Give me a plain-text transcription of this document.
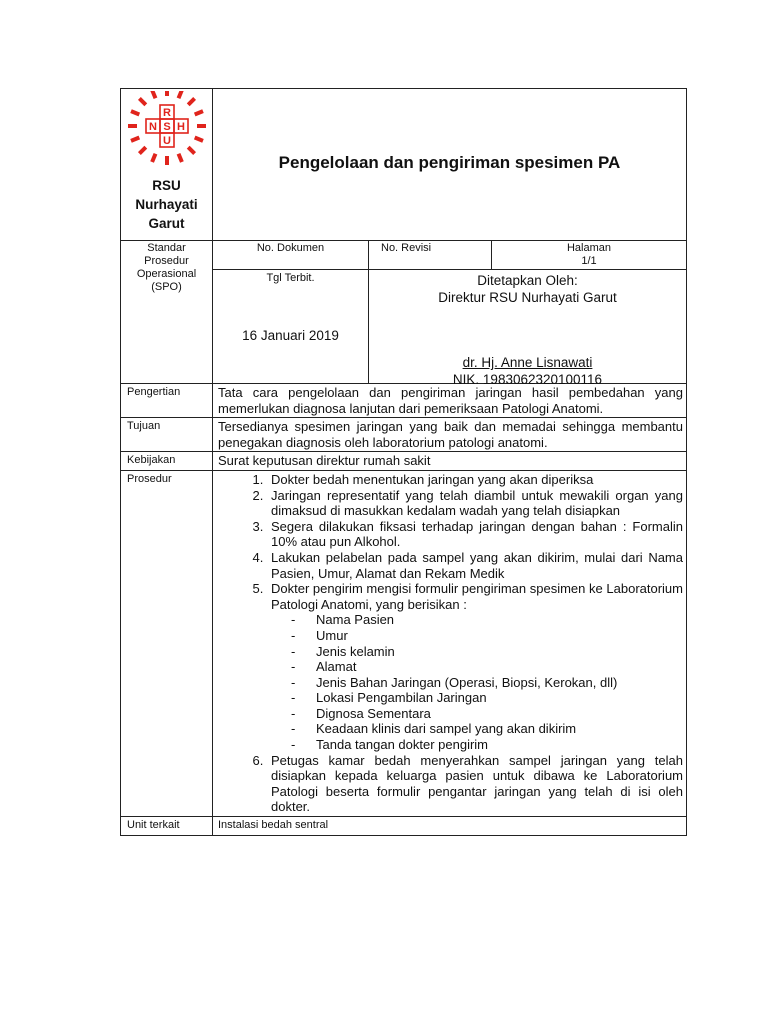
R
N S H
U
RSU
Nurhayati
Garut
Pengelolaan dan pengiriman spesimen PA
Standar
Prosedur
Operasional
(SPO)
No. Dokumen	No. Revisi	Halaman
1/1
Tgl Terbit.
16 Januari 2019
Ditetapkan Oleh:
Direktur RSU Nurhayati Garut
dr. Hj. Anne Lisnawati
NIK. 1983062320100116
Pengertian	Tata cara pengelolaan dan pengiriman jaringan hasil pembedahan yang memerlukan diagnosa lanjutan dari pemeriksaan Patologi Anatomi.
Tujuan	Tersedianya spesimen jaringan yang baik dan memadai sehingga membantu penegakan diagnosis oleh laboratorium patologi anatomi.
Kebijakan	Surat keputusan direktur rumah sakit
Prosedur
1.	Dokter bedah menentukan jaringan yang akan diperiksa
2. Jaringan representatif yang telah diambil untuk mewakili organ yang dimaksud di masukkan kedalam wadah yang telah disiapkan
3. Segera dilakukan fiksasi terhadap jaringan dengan bahan : Formalin 10% atau pun Alkohol.
4. Lakukan pelabelan pada sampel yang akan dikirim, mulai dari Nama Pasien, Umur, Alamat dan Rekam Medik
5. Dokter pengirim mengisi formulir pengiriman spesimen ke Laboratorium Patologi Anatomi, yang berisikan :
- Nama Pasien
- Umur
- Jenis kelamin
- Alamat
- Jenis Bahan Jaringan (Operasi, Biopsi, Kerokan, dll)
- Lokasi Pengambilan Jaringan
- Dignosa Sementara
- Keadaan klinis dari sampel yang akan dikirim
- Tanda tangan dokter pengirim
6. Petugas kamar bedah menyerahkan sampel jaringan yang telah disiapkan kepada keluarga pasien untuk dibawa ke Laboratorium Patologi beserta formulir pengantar jaringan yang telah di isi oleh dokter.
Unit terkait	Instalasi bedah sentral
